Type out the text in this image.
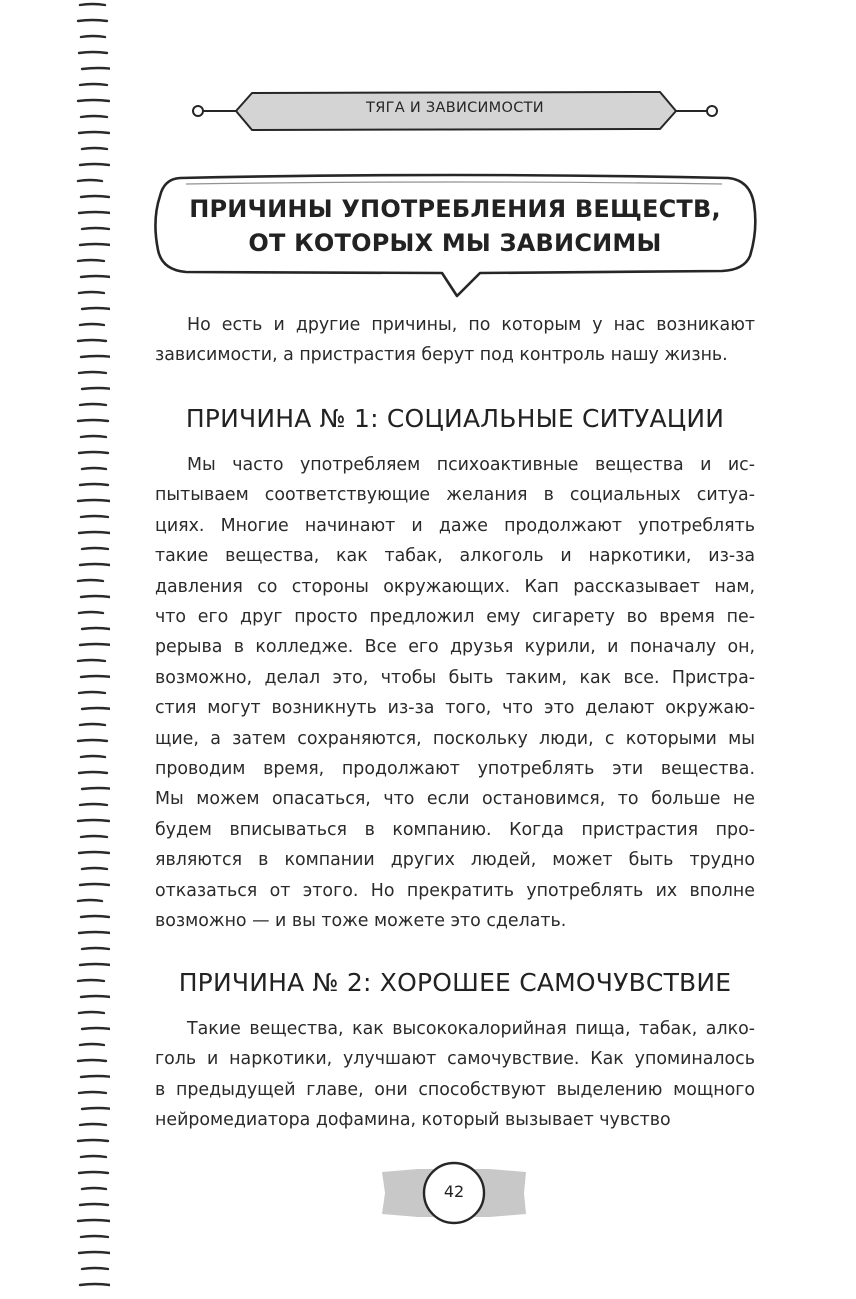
ТЯГА И ЗАВИСИМОСТИ
ПРИЧИНЫ УПОТРЕБЛЕНИЯ ВЕЩЕСТВ,
ОТ КОТОРЫХ МЫ ЗАВИСИМЫ
Но есть и другие причины, по которым у нас возникают
зависимости, а пристрастия берут под контроль нашу жизнь.
ПРИЧИНА № 1: СОЦИАЛЬНЫЕ СИТУАЦИИ
Мы часто употребляем психоактивные вещества и ис-
пытываем соответствующие желания в социальных ситуа-
циях. Многие начинают и даже продолжают употреблять
такие вещества, как табак, алкоголь и наркотики, из-за
давления со стороны окружающих. Кап рассказывает нам,
что его друг просто предложил ему сигарету во время пе-
рерыва в колледже. Все его друзья курили, и поначалу он,
возможно, делал это, чтобы быть таким, как все. Пристра-
стия могут возникнуть из-за того, что это делают окружаю-
щие, а затем сохраняются, поскольку люди, с которыми мы
проводим время, продолжают употреблять эти вещества.
Мы можем опасаться, что если остановимся, то больше не
будем вписываться в компанию. Когда пристрастия про-
являются в компании других людей, может быть трудно
отказаться от этого. Но прекратить употреблять их вполне
возможно — и вы тоже можете это сделать.
ПРИЧИНА № 2: ХОРОШЕЕ САМОЧУВСТВИЕ
Такие вещества, как высококалорийная пища, табак, алко-
голь и наркотики, улучшают самочувствие. Как упоминалось
в предыдущей главе, они способствуют выделению мощного
нейромедиатора дофамина, который вызывает чувство
42
